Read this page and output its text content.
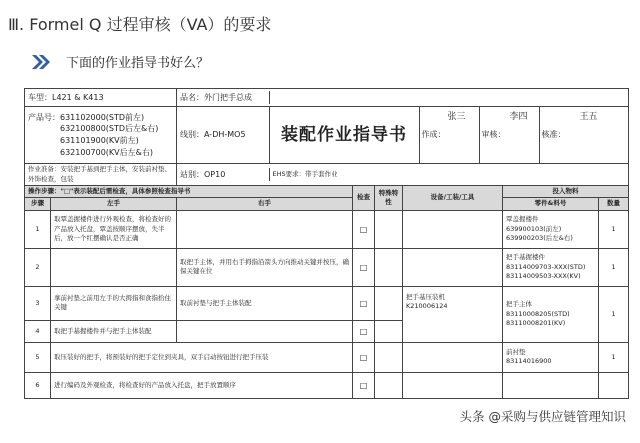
Ⅲ. Formel Q 过程审核（VA）的要求
下面的作业指导书好么？
车型：L421 & K413		品名：外门把手总成	

产品号： 631102000(STD前左)
632100800(STD后左&右)
631101900(KV前左)
632100700(KV后左&右)

线别：A-DH-MO5	装配作业指导书	
张三
作成：

李四
审核：

王五
核准：

作业准备：安装把手基到把手主体，安装前衬垫、外饰检查，包装		站别：OP10	EHS要求：带手套作业

操作步骤："□"表示装配后需检查，具体参照检查指导书	检查	特殊特性	设备/工装/工具	投入物料
步骤	左手	右手	零件&料号	数量
1	取覃盖握楼件进行外观检查，将检查好的产品放入托盘，覃盖按顺序摆放，失半后，放一个红摆确认是否正确		□			覃盖握楼件
639900103(前左)
639900203(后左&右)	1
2		取把手主体，并用右手拇指沿箭头方向推动关键并按压，确保关键在位	□			把手基握楼件
83114009703-XXX(STD)
83114009503-XXX(KV)	1
3	拿前衬垫之前用左手的大拇指和食指拾住关键	取前衬垫与把手主体装配	□		把手基压装机
K210006124	把手主体
83110008205(STD)
83110008201(KV)	1
4	取把手基握楼件并与把手主体装配		□	
5	取压装好的把手，将预装好的把手定位到夹具，双手启动按钮进行把手压装	□			前衬垫
83114016900	1
6	进行编码及外观检查，将检查好的产品放入托盘，把手放置顺序	□				
头条 @采购与供应链管理知识
